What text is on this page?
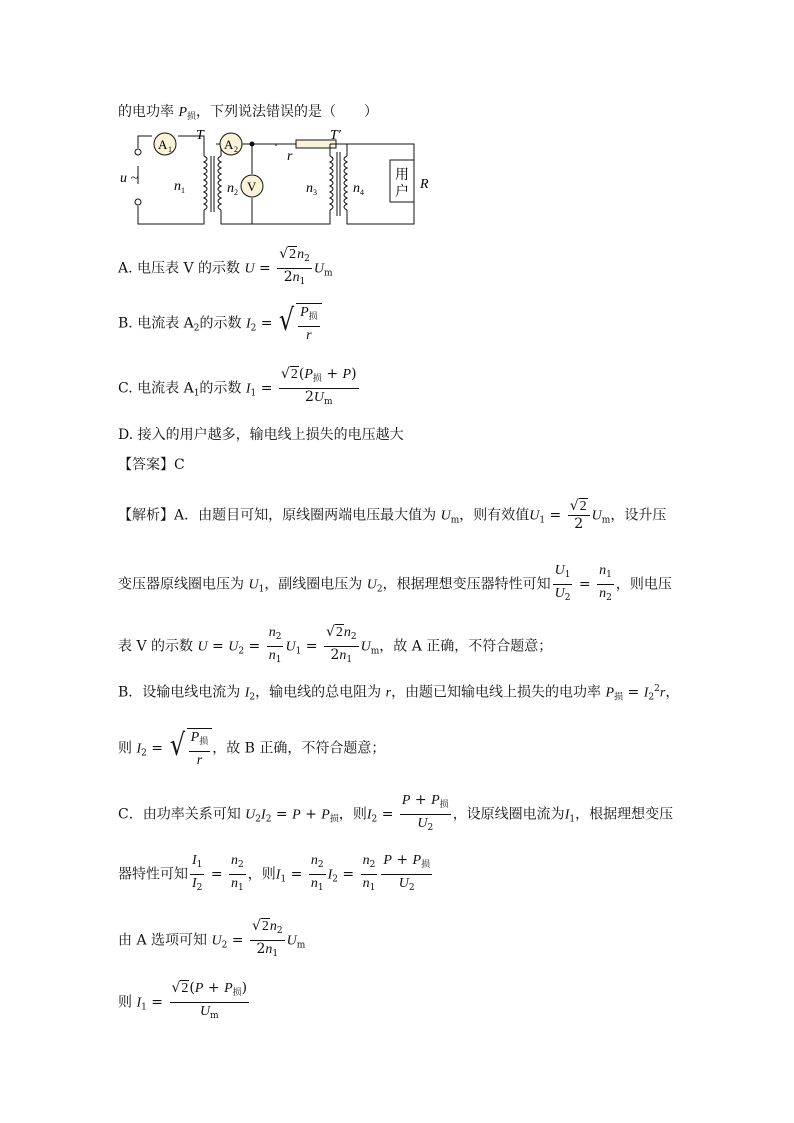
的电功率 $P_损$，下列说法错误的是（　　）
A 1	A 2
V
T	T′
r
u ~
n 1	n 2	n 3	n 4
用
户
R
A. 电压表 V 的示数 $U = \frac{√2n_2}{2n_1} U_m$
B. 电流表 $A_2$的示数 $I_2$ = √ $\frac{P_损}{r}$
C. 电流表 $A_1$的示数 $I_1 = \frac{√2(P_损 + P)}{2U_m}$
D. 接入的用户越多，输电线上损失的电压越大
【答案】C
【解析】A．由题目可知，原线圈两端电压最大值为 $U_m$，则有效值$U_1 = \frac{√2}{2} U_m$，设升压
变压器原线圈电压为 $U_1$，副线圈电压为 $U_2$，根据理想变压器特性可知 $\frac{U_1}{U_2} = \frac{n_1}{n_2}$ ，则电压
表 V 的示数 $U = U_2 = \frac{n_2}{n_1} U_1 = \frac{√2n_2}{2n_1} U_m$，故 A 正确，不符合题意；
B．设输电线电流为 $I_2$，输电线的总电阻为 r，由题已知输电线上损失的电功率 $P_损 = I_2^2r$，
则 $I_2$ = √ $\frac{P_损}{r}$ ，故 B 正确，不符合题意；
C．由功率关系可知 $U_2I_2 = P + P_损$，则$I_2 = \frac{P + P_损}{U_2}$ ，设原线圈电流为$I_1$，根据理想变压
器特性可知 $\frac{I_1}{I_2} = \frac{n_2}{n_1}$ ，则$I_1 = \frac{n_2}{n_1} I_2 = \frac{n_2}{n_1} \frac{P + P_损}{U_2}$
由 A 选项可知 $U_2 = \frac{√2n_2}{2n_1} U_m$
则 $I_1 = \frac{√2(P + P_损)}{U_m}$
